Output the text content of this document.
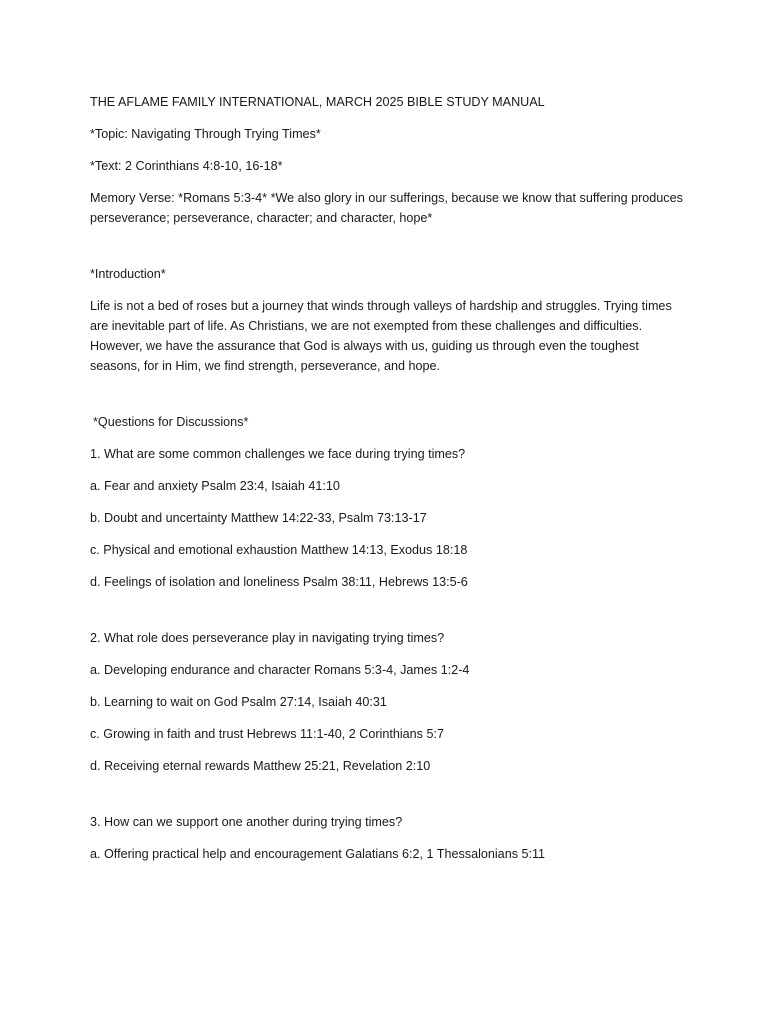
THE AFLAME FAMILY INTERNATIONAL, MARCH 2025 BIBLE STUDY MANUAL

*Topic: Navigating Through Trying Times*

*Text: 2 Corinthians 4:8-10, 16-18*

Memory Verse: *Romans 5:3-4* *We also glory in our sufferings, because we know that suffering produces perseverance; perseverance, character; and character, hope*

*Introduction*

Life is not a bed of roses but a journey that winds through valleys of hardship and struggles. Trying times are inevitable part of life. As Christians, we are not exempted from these challenges and difficulties. However, we have the assurance that God is always with us, guiding us through even the toughest seasons, for in Him, we find strength, perseverance, and hope.

*Questions for Discussions*

1. What are some common challenges we face during trying times?

a. Fear and anxiety Psalm 23:4, Isaiah 41:10

b. Doubt and uncertainty Matthew 14:22-33, Psalm 73:13-17

c. Physical and emotional exhaustion Matthew 14:13, Exodus 18:18

d. Feelings of isolation and loneliness Psalm 38:11, Hebrews 13:5-6

2. What role does perseverance play in navigating trying times?

a. Developing endurance and character Romans 5:3-4, James 1:2-4

b. Learning to wait on God Psalm 27:14, Isaiah 40:31

c. Growing in faith and trust Hebrews 11:1-40, 2 Corinthians 5:7

d. Receiving eternal rewards Matthew 25:21, Revelation 2:10

3. How can we support one another during trying times?

a. Offering practical help and encouragement Galatians 6:2, 1 Thessalonians 5:11
